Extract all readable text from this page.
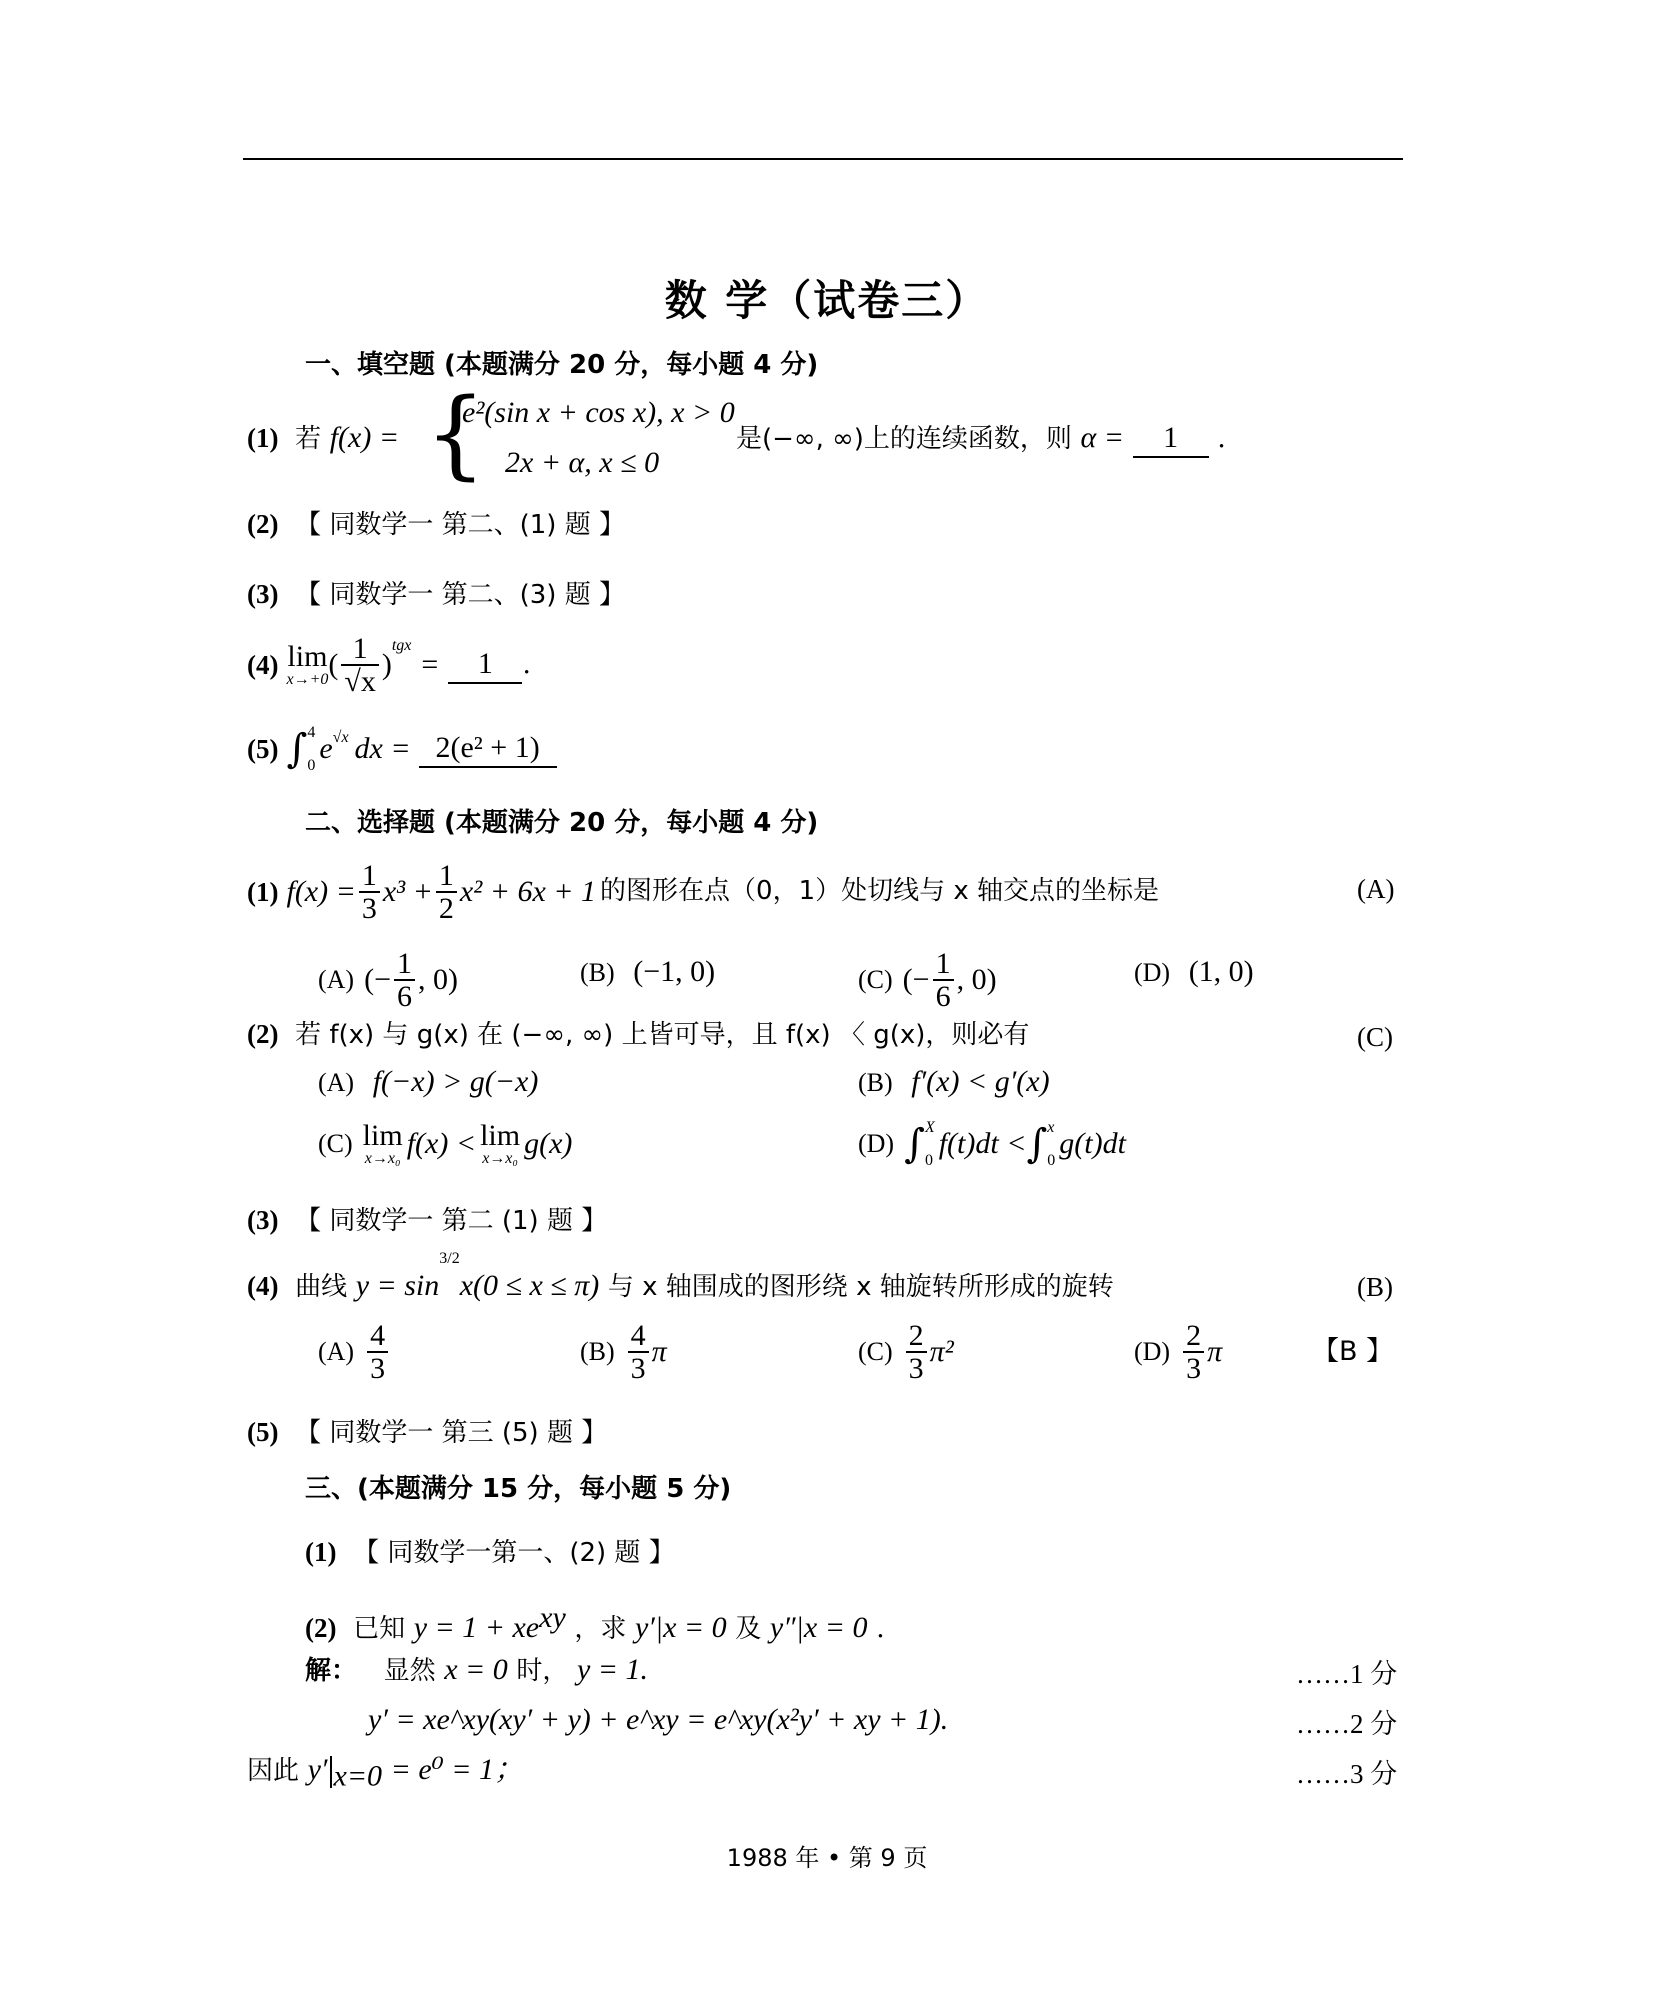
数 学（试卷三）
一、填空题 (本题满分 20 分，每小题 4 分)
{
(1) 若 f(x) =
e²(sin x + cos x), x > 0
2x + α, x ≤ 0
是(−∞, ∞)上的连续函数，则 α = 1 .
(2) 【 同数学一 第二、(1) 题 】
(3) 【 同数学一 第二、(3) 题 】
(4) lim
x→+0 ( $\frac{1}{√x}$ )
$^{tgx}$
=	1	.
(5) ∫ 4
0
$e^{√x}$ dx = 2(e² + 1)
二、选择题 (本题满分 20 分，每小题 4 分)
(1) $f(x) = \frac{1}{3} x^3 + \frac{1}{2} x^2 + 6x + 1$ 的图形在点（0，1）处切线与 x 轴交点的坐标是	(A)
(A) (− $\frac{1}{6}$ , 0)	(B) (−1, 0)	(C) (− $\frac{1}{6}$ , 0)	(D) (1, 0)
(2) 若 f(x) 与 g(x) 在 (−∞, ∞) 上皆可导，且 f(x) 〈 g(x)，则必有	(C)
(A) f(−x) > g(−x)	(B) f′(x) < g′(x)
(C) lim
x→x₀ f(x) < lim
x→x₀ g(x)	(D) ∫ X
0
f(t)dt < ∫ x
0
g(t)dt
(3) 【 同数学一 第二 (1) 题 】
(4) 曲线 $y = \sin^{3/2}x(0 \le x \le \pi)$ 与 x 轴围成的图形绕 x 轴旋转所形成的旋转	(B)
$(A) \frac{4}{3}$	$(B) \frac{4}{3}$ π	$(C) \frac{2}{3} \pi^2$	$(D) \frac{2}{3}$ π	【B 】
(5) 【 同数学一 第三 (5) 题 】
三、(本题满分 15 分，每小题 5 分)
(1) 【 同数学一第一、(2) 题 】
(2) 已知 $y = 1 + xe^{xy}$ ，求 y′|x = 0 及 y″|x = 0 .
解： 显然 x = 0 时， y = 1.	……1 分
y′ = xe^xy(xy′ + y) + e^xy = e^xy(x²y′ + xy + 1).	……2 分
因此 y′ $_{x=0}$ = e⁰ = 1；	……3 分
1988 年 • 第 9 页
